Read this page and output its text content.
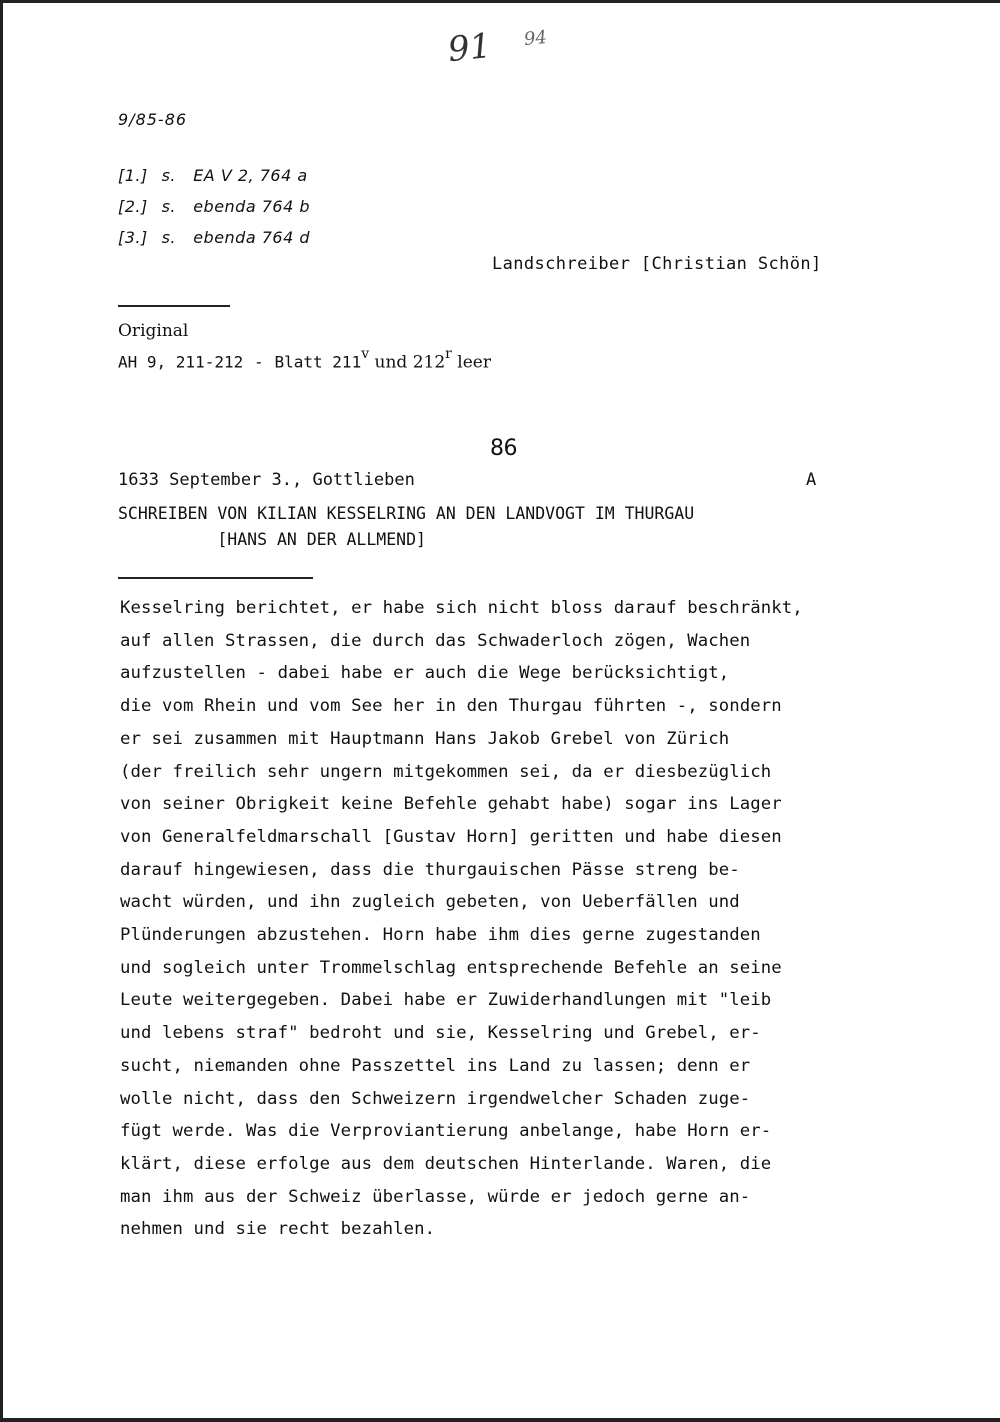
91 94
9/85-86
[1.] s. EA V 2, 764 a
[2.] s. ebenda 764 b
[3.] s. ebenda 764 d
Landschreiber [Christian Schön]
Original
AH 9, 211-212 - Blatt 211$^v$ und 212$^r$ leer
86
1633 September 3., Gottlieben	A
SCHREIBEN VON KILIAN KESSELRING AN DEN LANDVOGT IM THURGAU
[HANS AN DER ALLMEND]
Kesselring berichtet, er habe sich nicht bloss darauf beschränkt,
auf allen Strassen, die durch das Schwaderloch zögen, Wachen
aufzustellen - dabei habe er auch die Wege berücksichtigt,
die vom Rhein und vom See her in den Thurgau führten -, sondern
er sei zusammen mit Hauptmann Hans Jakob Grebel von Zürich
(der freilich sehr ungern mitgekommen sei, da er diesbezüglich
von seiner Obrigkeit keine Befehle gehabt habe) sogar ins Lager
von Generalfeldmarschall [Gustav Horn] geritten und habe diesen
darauf hingewiesen, dass die thurgauischen Pässe streng be-
wacht würden, und ihn zugleich gebeten, von Ueberfällen und
Plünderungen abzustehen. Horn habe ihm dies gerne zugestanden
und sogleich unter Trommelschlag entsprechende Befehle an seine
Leute weitergegeben. Dabei habe er Zuwiderhandlungen mit "leib
und lebens straf" bedroht und sie, Kesselring und Grebel, er-
sucht, niemanden ohne Passzettel ins Land zu lassen; denn er
wolle nicht, dass den Schweizern irgendwelcher Schaden zuge-
fügt werde. Was die Verproviantierung anbelange, habe Horn er-
klärt, diese erfolge aus dem deutschen Hinterlande. Waren, die
man ihm aus der Schweiz überlasse, würde er jedoch gerne an-
nehmen und sie recht bezahlen.
